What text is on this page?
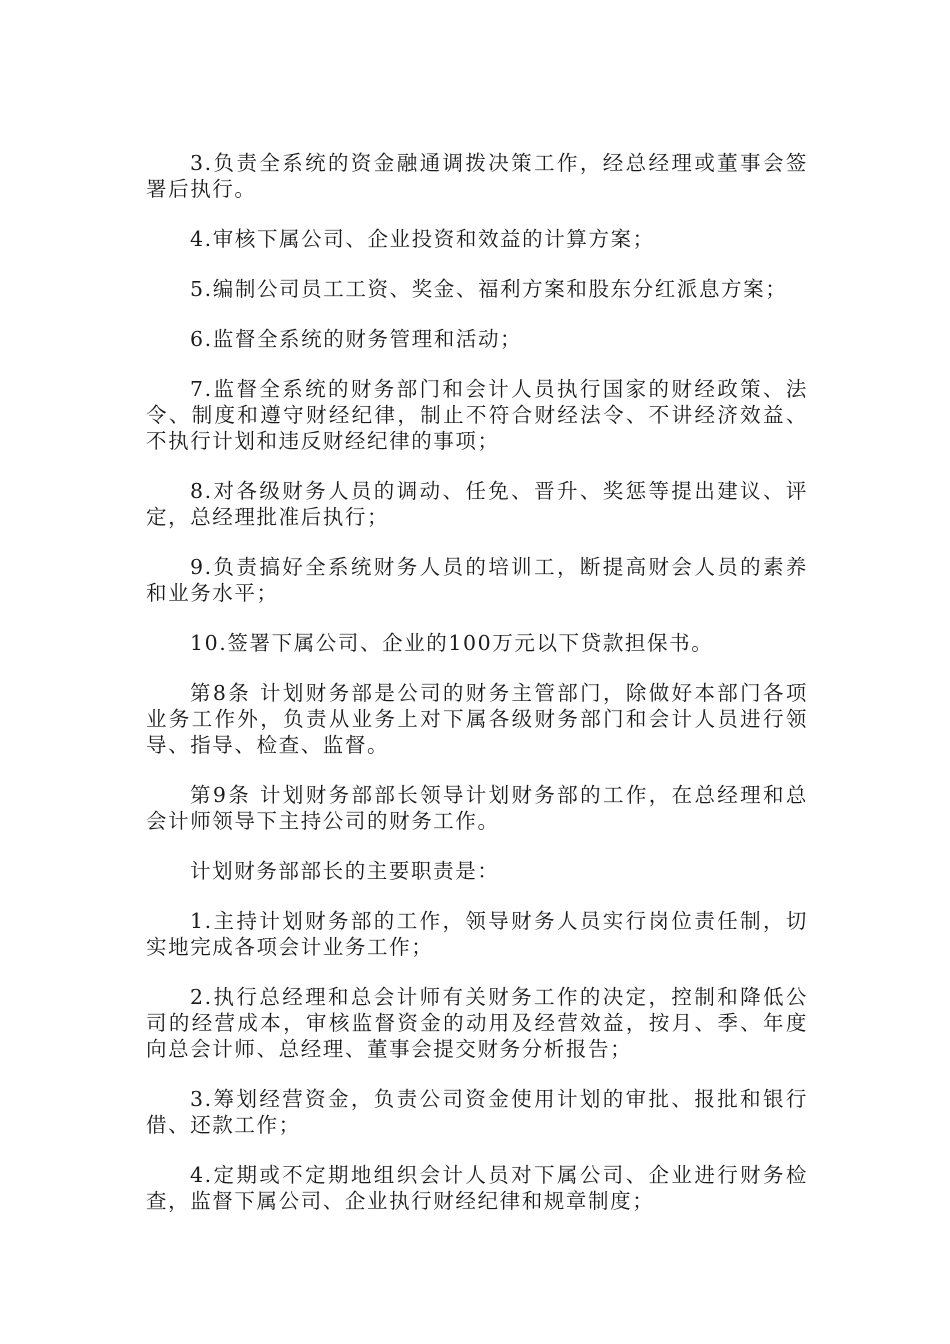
3.负责全系统的资金融通调拨决策工作，经总经理或董事会签署后执行。

4.审核下属公司、企业投资和效益的计算方案；

5.编制公司员工工资、奖金、福利方案和股东分红派息方案；

6.监督全系统的财务管理和活动；

7.监督全系统的财务部门和会计人员执行国家的财经政策、法令、制度和遵守财经纪律，制止不符合财经法令、不讲经济效益、不执行计划和违反财经纪律的事项；

8.对各级财务人员的调动、任免、晋升、奖惩等提出建议、评定，总经理批准后执行；

9.负责搞好全系统财务人员的培训工，断提高财会人员的素养和业务水平；

10.签署下属公司、企业的100万元以下贷款担保书。

第8条 计划财务部是公司的财务主管部门，除做好本部门各项业务工作外，负责从业务上对下属各级财务部门和会计人员进行领导、指导、检查、监督。

第9条 计划财务部部长领导计划财务部的工作，在总经理和总会计师领导下主持公司的财务工作。

计划财务部部长的主要职责是：

1.主持计划财务部的工作，领导财务人员实行岗位责任制，切实地完成各项会计业务工作；

2.执行总经理和总会计师有关财务工作的决定，控制和降低公司的经营成本，审核监督资金的动用及经营效益，按月、季、年度向总会计师、总经理、董事会提交财务分析报告；

3.筹划经营资金，负责公司资金使用计划的审批、报批和银行借、还款工作；

4.定期或不定期地组织会计人员对下属公司、企业进行财务检查，监督下属公司、企业执行财经纪律和规章制度；
